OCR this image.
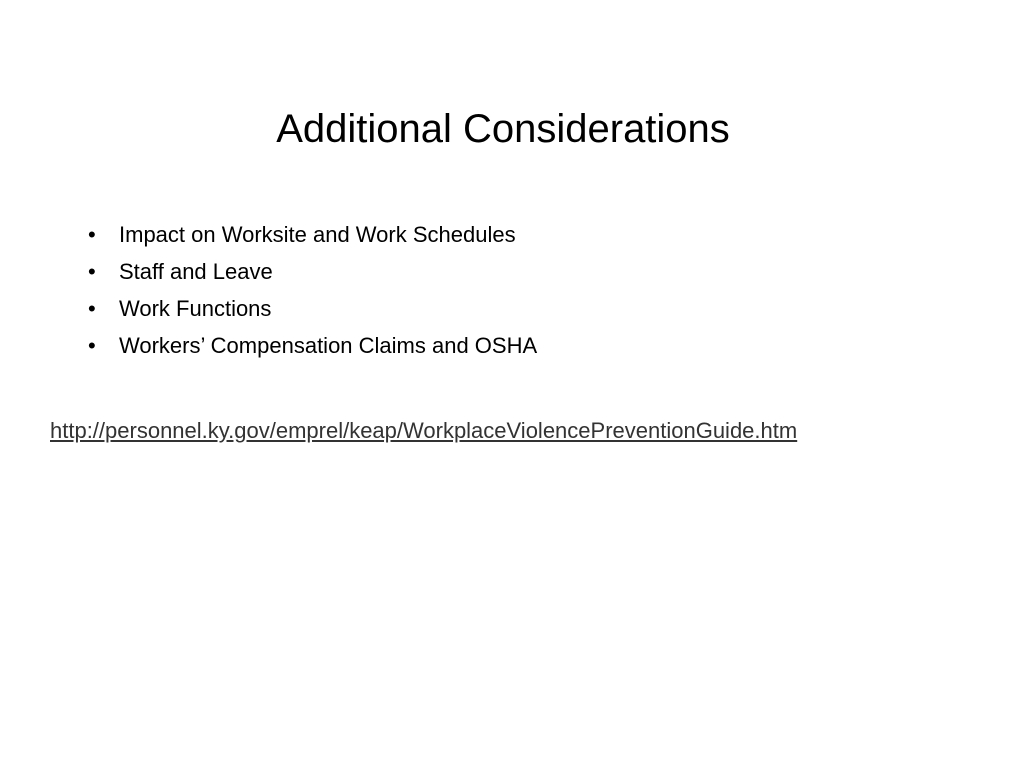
Additional Considerations
• Impact on Worksite and Work Schedules
• Staff and Leave
• Work Functions
• Workers’ Compensation Claims and OSHA
http://personnel.ky.gov/emprel/keap/WorkplaceViolencePreventionGuide.htm
